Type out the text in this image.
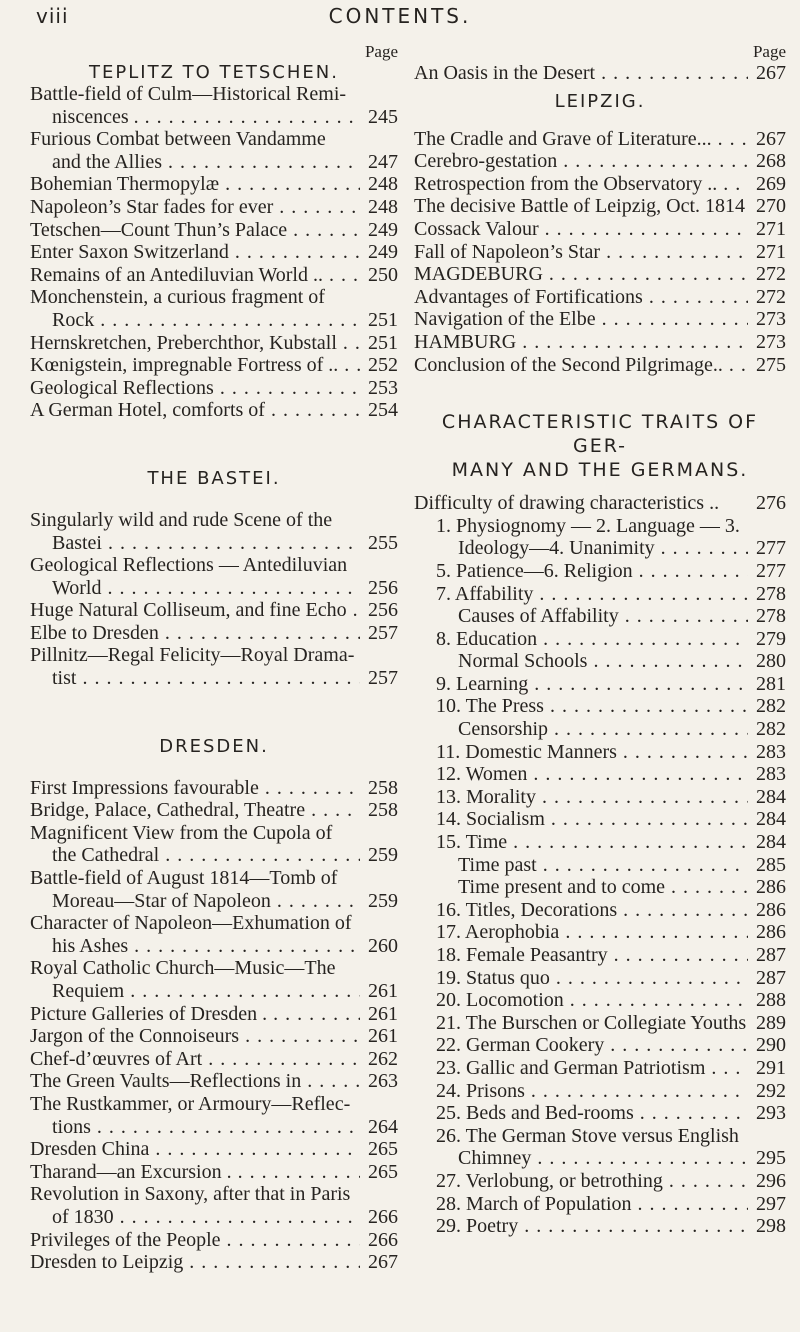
viii	CONTENTS.
Page
TEPLITZ TO TETSCHEN.
Battle-field of Culm—Historical Remi-
niscences . . . .	245
Furious Combat between Vandamme
and the Allies . . .	247
Bohemian Thermopylæ . . .	248
Napoleon’s Star fades for ever . . .	248
Tetschen—Count Thun’s Palace . . .	249
Enter Saxon Switzerland . . .	249
Remains of an Antediluvian World .. . . .	250
Monchenstein, a curious fragment of
Rock . . .	251
Hernskretchen, Preberchthor, Kubstall . . .	251
Kœnigstein, impregnable Fortress of .. . . .	252
Geological Reflections . . .	253
A German Hotel, comforts of . . .	254
THE BASTEI.
Singularly wild and rude Scene of the
Bastei . . .	255
Geological Reflections — Antediluvian
World . . .	256
Huge Natural Colliseum, and fine Echo . . .	256
Elbe to Dresden . . .	257
Pillnitz—Regal Felicity—Royal Drama-
tist . . .	257
DRESDEN.
First Impressions favourable . . .	258
Bridge, Palace, Cathedral, Theatre . . .	258
Magnificent View from the Cupola of
the Cathedral . . .	259
Battle-field of August 1814—Tomb of
Moreau—Star of Napoleon . . .	259
Character of Napoleon—Exhumation of
his Ashes . . .	260
Royal Catholic Church—Music—The
Requiem . . .	261
Picture Galleries of Dresden . . . .	261
Jargon of the Connoiseurs . . .	261
Chef-d’œuvres of Art . . .	262
The Green Vaults—Reflections in . . .	263
The Rustkammer, or Armoury—Reflec-
tions . . .	264
Dresden China . . .	265
Tharand—an Excursion . . . .	265
Revolution in Saxony, after that in Paris
of 1830 . . .	266
Privileges of the People . . .	266
Dresden to Leipzig . . .	267
Page
An Oasis in the Desert . . .	267
LEIPZIG.
The Cradle and Grave of Literature... . . .	267
Cerebro-gestation . . .	268
Retrospection from the Observatory .. . . .	269
The decisive Battle of Leipzig, Oct. 1814 . . . 270
Cossack Valour . . .	271
Fall of Napoleon’s Star . . .	271
MAGDEBURG . . .	272
Advantages of Fortifications . . .	272
Navigation of the Elbe . . .	273
HAMBURG . . .	273
Conclusion of the Second Pilgrimage.. . . .	275
CHARACTERISTIC TRAITS OF GER-
MANY AND THE GERMANS.
Difficulty of drawing characteristics ..	276
1. Physiognomy — 2. Language — 3.
Ideology—4. Unanimity . . .	277
5. Patience—6. Religion . . .	277
7. Affability . . .	278
Causes of Affability . . .	278
8. Education . . .	279
Normal Schools . . .	280
9. Learning . . .	281
10. The Press . . .	282
Censorship . . .	282
11. Domestic Manners . . .	283
12. Women . . .	283
13. Morality . . .	284
14. Socialism . . .	284
15. Time . . .	284
Time past . . .	285
Time present and to come . . .	286
16. Titles, Decorations . . .	286
17. Aerophobia . . .	286
18. Female Peasantry . . .	287
19. Status quo . . .	287
20. Locomotion . . .	288
21. The Burschen or Collegiate Youths 289
22. German Cookery . . .	290
23. Gallic and German Patriotism . . .	291
24. Prisons . . .	292
25. Beds and Bed-rooms . . .	293
26. The German Stove versus English
Chimney . . .	295
27. Verlobung, or betrothing . . .	296
28. March of Population . . .	297
29. Poetry . . .	298
